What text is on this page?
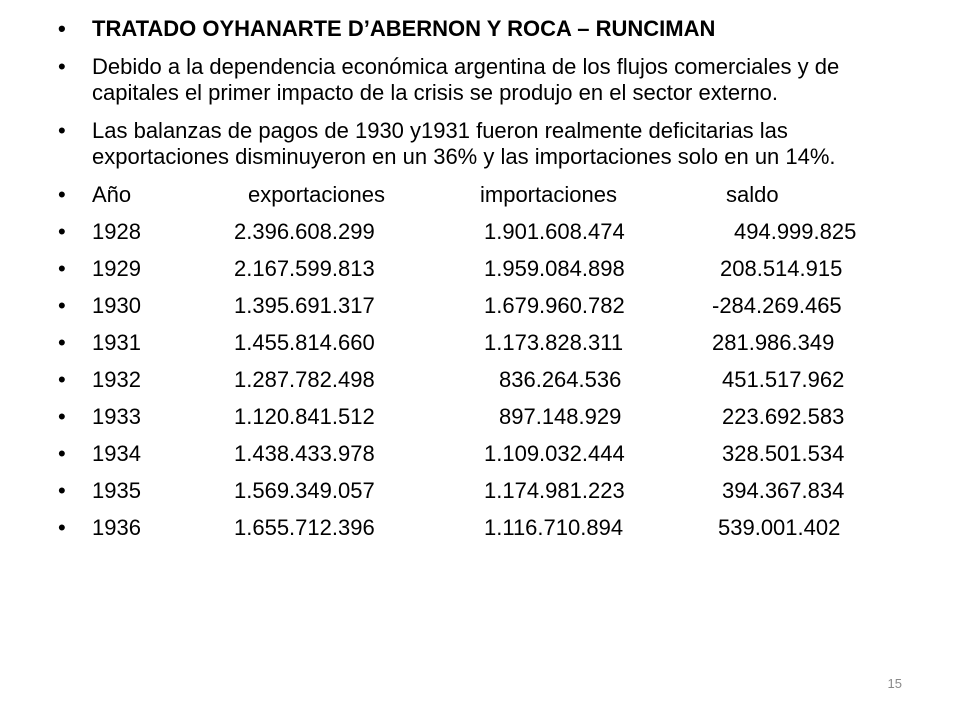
• TRATADO OYHANARTE D’ABERNON Y ROCA – RUNCIMAN
• Debido a la dependencia económica argentina de los flujos comerciales y de capitales el primer impacto de la crisis se produjo en el sector externo.
• Las balanzas de pagos de 1930 y1931 fueron realmente deficitarias las exportaciones disminuyeron en un 36% y las importaciones solo en un 14%.
• Año	exportaciones	importaciones	saldo
• 1928	2.396.608.299	1.901.608.474	494.999.825
• 1929	2.167.599.813	1.959.084.898	208.514.915
• 1930	1.395.691.317	1.679.960.782	-284.269.465
• 1931	1.455.814.660	1.173.828.311	281.986.349
• 1932	1.287.782.498	836.264.536	451.517.962
• 1933	1.120.841.512	897.148.929	223.692.583
• 1934	1.438.433.978	1.109.032.444	328.501.534
• 1935	1.569.349.057	1.174.981.223	394.367.834
• 1936	1.655.712.396	1.116.710.894	539.001.402
15
